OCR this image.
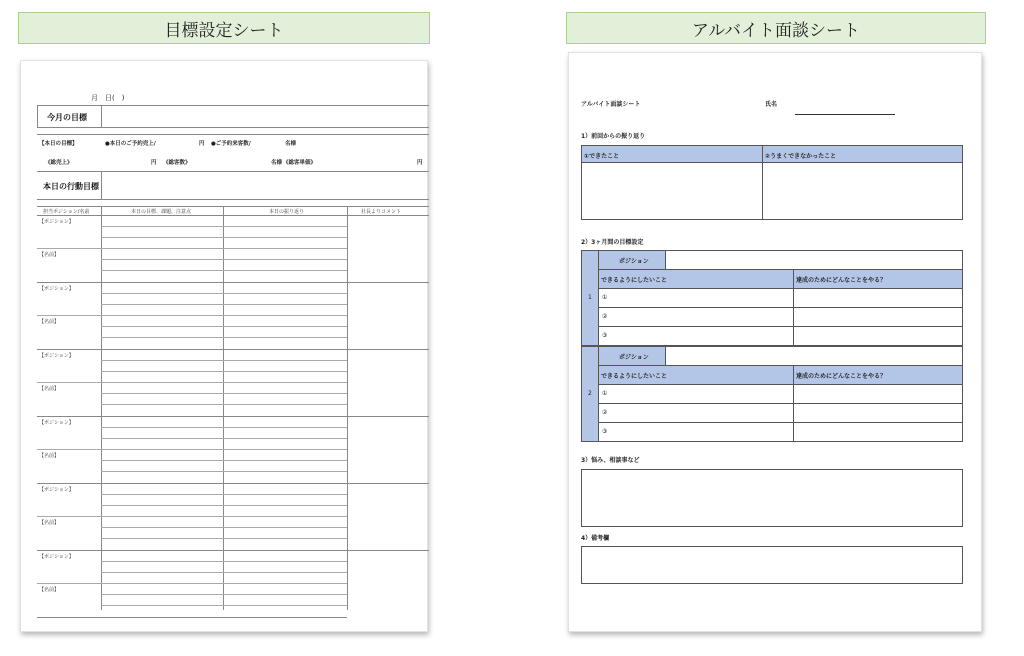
目標設定シート	アルバイト面談シート
月 日(　)
今月の目標
【本日の目標】	●本日のご予約売上/	円 ●ご予約来客数/	名様
《総売上》	円 《総客数》	名様 《総客単価》	円
本日の行動目標
担当ポジション/名前	本日の目標、課題、注意点	本日の振り返り	社長よりコメント
【ポジション】
【名前】
【ポジション】
【名前】
【ポジション】
【名前】
【ポジション】
【名前】
【ポジション】
【名前】
【ポジション】
【名前】
アルバイト面談シート	氏名
1）前回からの振り返り
①できたこと	②うまくできなかったこと
2）3ヶ月間の目標設定
1
ポジション
できるようにしたいこと	達成のためにどんなことをやる？
①
②
③
2
ポジション
できるようにしたいこと	達成のためにどんなことをやる？
①
②
③
3）悩み、相談事など
4）備考欄
